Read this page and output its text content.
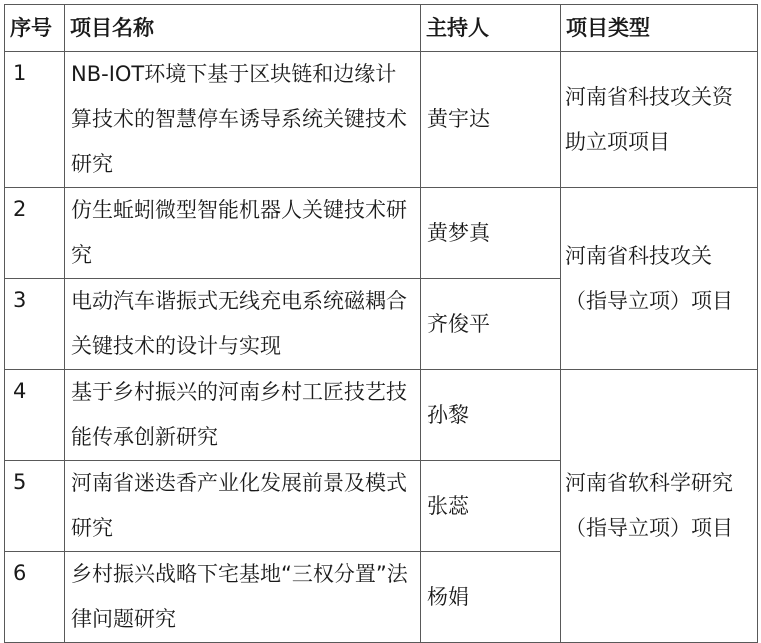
序号	项目名称	主持人	项目类型
1	NB-IOT环境下基于区块链和边缘计算技术的智慧停车诱导系统关键技术研究	黄宇达	河南省科技攻关资助立项项目
2	仿生蚯蚓微型智能机器人关键技术研究	黄梦真	河南省科技攻关（指导立项）项目
3	电动汽车谐振式无线充电系统磁耦合关键技术的设计与实现	齐俊平	
4	基于乡村振兴的河南乡村工匠技艺技能传承创新研究	孙黎	河南省软科学研究（指导立项）项目
5	河南省迷迭香产业化发展前景及模式研究	张蕊	
6	乡村振兴战略下宅基地“三权分置”法律问题研究	杨娟	
